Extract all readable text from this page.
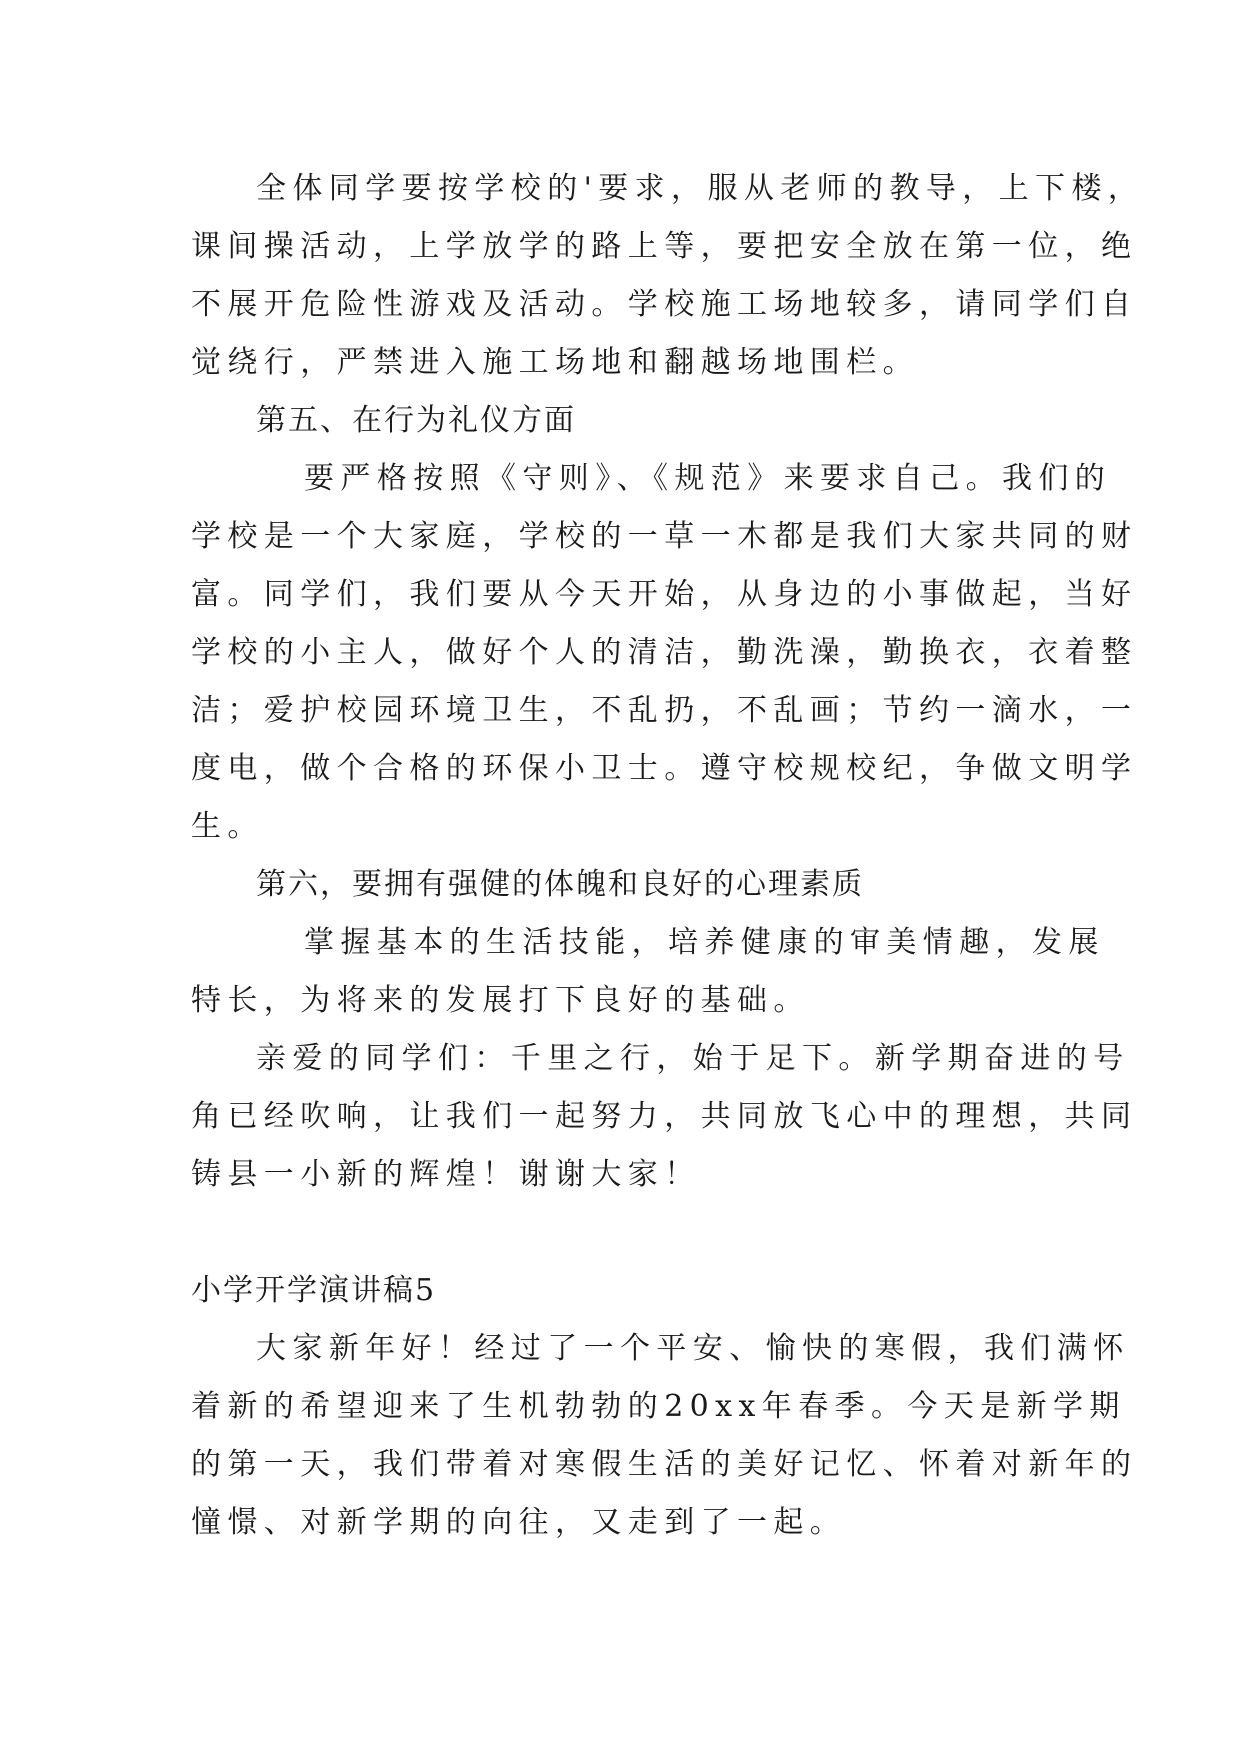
全体同学要按学校的'要求，服从老师的教导，上下楼，
课间操活动，上学放学的路上等，要把安全放在第一位，绝
不展开危险性游戏及活动。学校施工场地较多，请同学们自
觉绕行，严禁进入施工场地和翻越场地围栏。
第五、在行为礼仪方面
要严格按照《守则》、《规范》来要求自己。我们的
学校是一个大家庭，学校的一草一木都是我们大家共同的财
富。同学们，我们要从今天开始，从身边的小事做起，当好
学校的小主人，做好个人的清洁，勤洗澡，勤换衣，衣着整
洁；爱护校园环境卫生，不乱扔，不乱画；节约一滴水，一
度电，做个合格的环保小卫士。遵守校规校纪，争做文明学
生。
第六，要拥有强健的体魄和良好的心理素质
掌握基本的生活技能，培养健康的审美情趣，发展
特长，为将来的发展打下良好的基础。
亲爱的同学们：千里之行，始于足下。新学期奋进的号
角已经吹响，让我们一起努力，共同放飞心中的理想，共同
铸县一小新的辉煌！谢谢大家！
小学开学演讲稿5
大家新年好！经过了一个平安、愉快的寒假，我们满怀
着新的希望迎来了生机勃勃的20xx年春季。今天是新学期
的第一天，我们带着对寒假生活的美好记忆、怀着对新年的
憧憬、对新学期的向往，又走到了一起。
